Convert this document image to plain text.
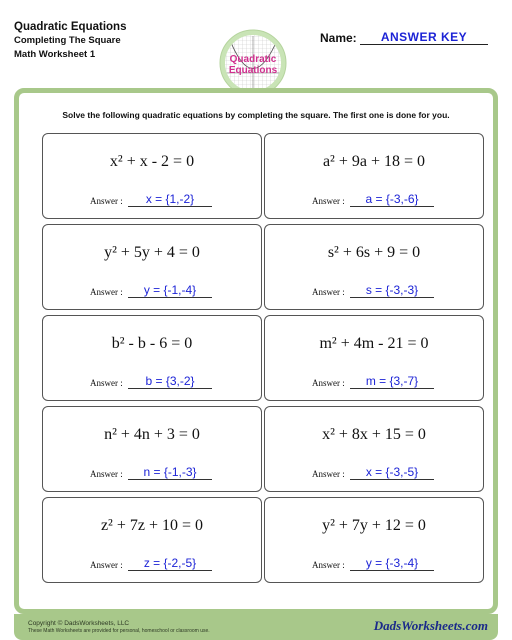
Quadratic Equations
Completing The Square
Math Worksheet 1	Quadratic
Equations
Name:	ANSWER KEY
Solve the following quadratic equations by completing the square. The first one is done for you.
x² + x - 2 = 0
Answer :	x = {1,-2}
a² + 9a + 18 = 0
Answer :	a = {-3,-6}
y² + 5y + 4 = 0
Answer :	y = {-1,-4}
s² + 6s + 9 = 0
Answer :	s = {-3,-3}
b² - b - 6 = 0
Answer :	b = {3,-2}
m² + 4m - 21 = 0
Answer :	m = {3,-7}
n² + 4n + 3 = 0
Answer :	n = {-1,-3}
x² + 8x + 15 = 0
Answer :	x = {-3,-5}
z² + 7z + 10 = 0
Answer :	z = {-2,-5}
y² + 7y + 12 = 0
Answer :	y = {-3,-4}
Copyright © DadsWorksheets, LLC
These Math Worksheets are provided for personal, homeschool or classroom use.	DadsWorksheets.com
